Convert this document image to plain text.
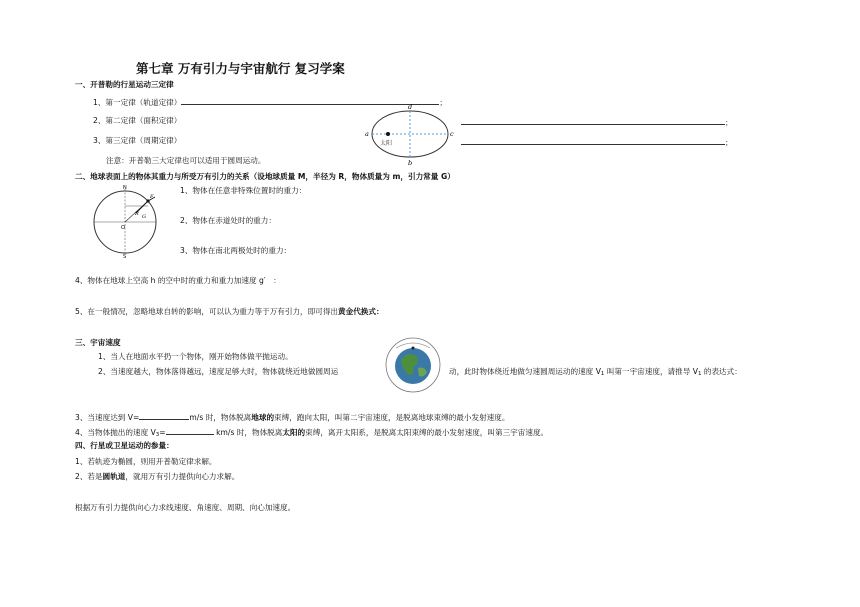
第七章 万有引力与宇宙航行 复习学案
一、开普勒的行星运动三定律
1、第一定律（轨道定律）	；
2、第二定律（面积定律）
3、第三定律（周期定律）
；
；
注意：开普勒三大定律也可以适用于圆周运动。
a	c
d
b
太阳
二、地球表面上的物体其重力与所受万有引力的关系（设地球质量 M，半径为 R，物体质量为 m，引力常量 G）
N
S
O
R
F
G
1、物体在任意非特殊位置时的重力：
2、物体在赤道处时的重力：
3、物体在南北两极处时的重力：
4、物体在地球上空高 h 的空中时的重力和重力加速度 g′　：
5、在一般情况，忽略地球自转的影响，可以认为重力等于万有引力，即可得出黄金代换式：
三、宇宙速度
1、当人在地面水平扔一个物体，刚开始物体做平抛运动。
2、当速度越大，物体落得越远，速度足够大时，物体就绕近地做圆周运	动，此时物体绕近地做匀速圆周运动的速度 V1 叫第一宇宙速度，请推导 V1 的表达式：
3、当速度达到 V=	m/s 时，物体脱离地球的束缚，跑向太阳，叫第二宇宙速度，是脱离地球束缚的最小发射速度。
4、当物体抛出的速度 V3=	km/s 时，物体脱离太阳的束缚，离开太阳系，是脱离太阳束缚的最小发射速度，叫第三宇宙速度。
四、行星或卫星运动的参量：
1、若轨迹为椭圆，则用开普勒定律求解。
2、若是圆轨道，就用万有引力提供向心力求解。
根据万有引力提供向心力求线速度、角速度、周期、向心加速度。
